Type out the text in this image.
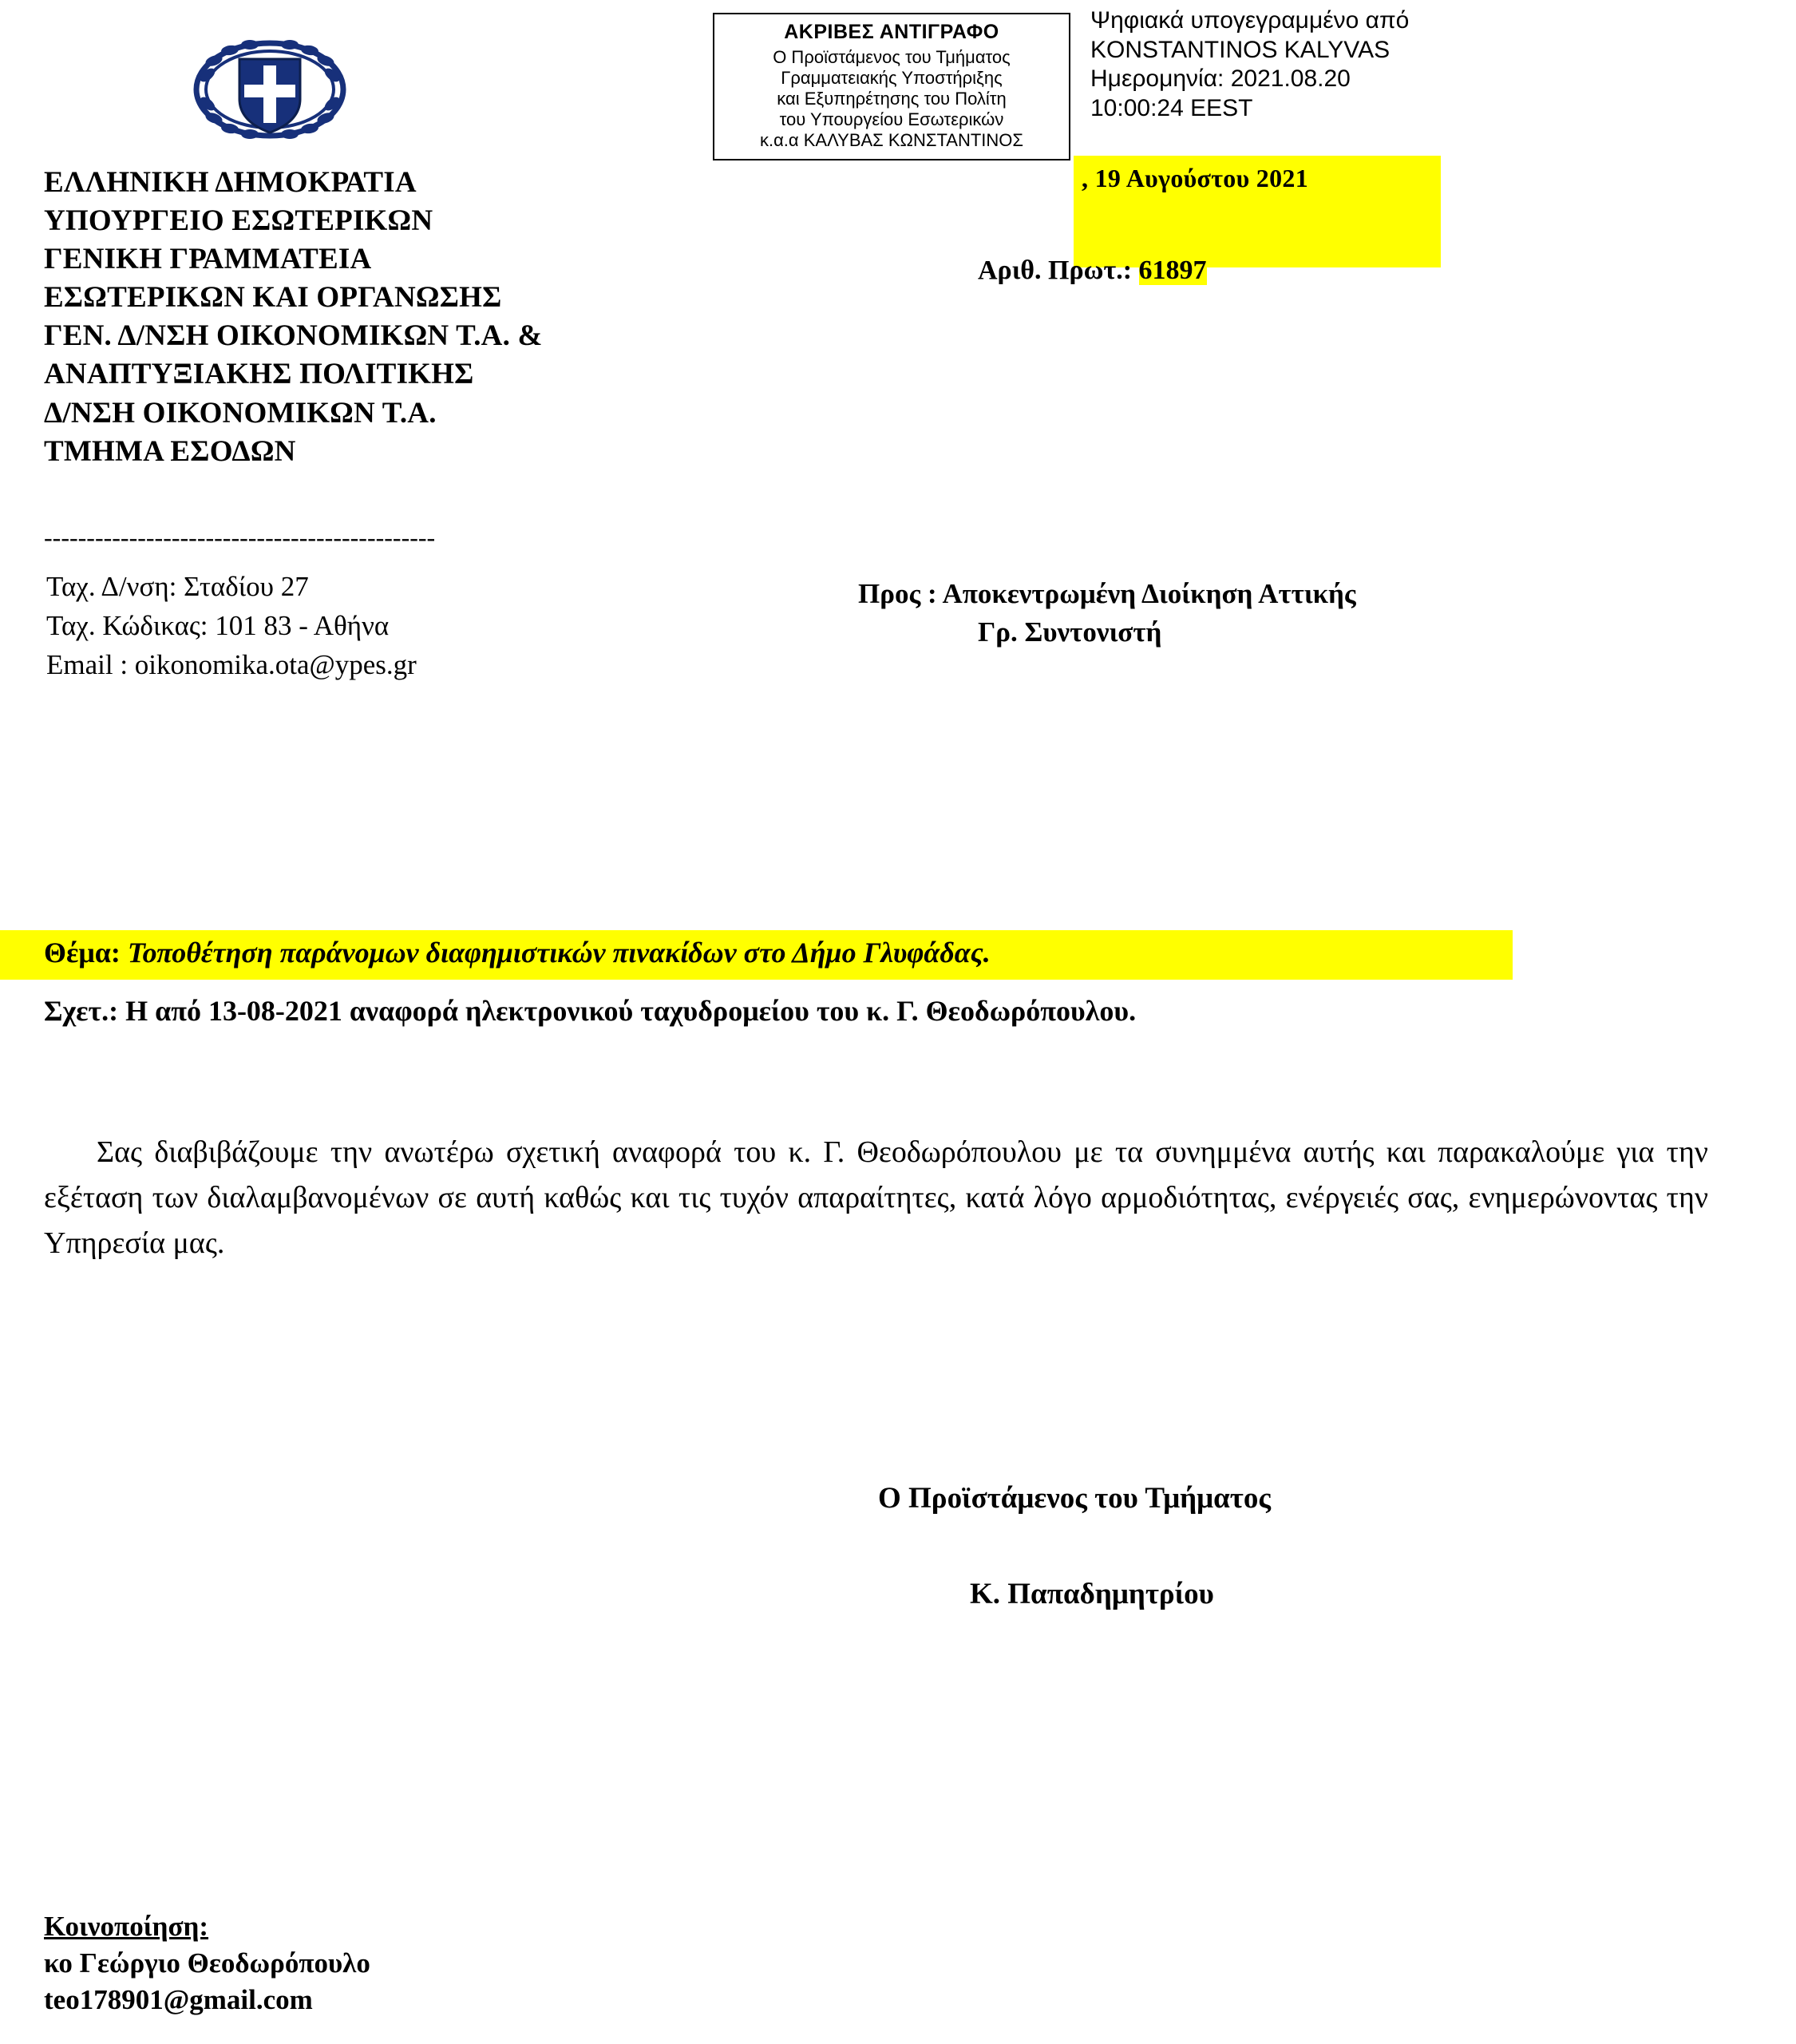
ΑΚΡΙΒΕΣ ΑΝΤΙΓΡΑΦΟ
Ο Προϊστάμενος του Τμήματος
Γραμματειακής Υποστήριξης
και Εξυπηρέτησης του Πολίτη
του Υπουργείου Εσωτερικών
κ.α.α ΚΑΛΥΒΑΣ ΚΩΝΣΤΑΝΤΙΝΟΣ
Ψηφιακά υπογεγραμμένο από
KONSTANTINOS KALYVAS
Ημερομηνία: 2021.08.20
10:00:24 EEST
, 19 Αυγούστου 2021
Αριθ. Πρωτ.: 61897
ΕΛΛΗΝΙΚΗ ΔΗΜΟΚΡΑΤΙΑ
ΥΠΟΥΡΓΕΙΟ ΕΣΩΤΕΡΙΚΩΝ
ΓΕΝΙΚΗ ΓΡΑΜΜΑΤΕΙΑ
ΕΣΩΤΕΡΙΚΩΝ ΚΑΙ ΟΡΓΑΝΩΣΗΣ
ΓΕΝ. Δ/ΝΣΗ ΟΙΚΟΝΟΜΙΚΩΝ Τ.Α. &
ΑΝΑΠΤΥΞΙΑΚΗΣ ΠΟΛΙΤΙΚΗΣ
Δ/ΝΣΗ ΟΙΚΟΝΟΜΙΚΩΝ Τ.Α.
ΤΜΗΜΑ ΕΣΟΔΩΝ
----------------------------------------------
Ταχ. Δ/νση: Σταδίου 27
Ταχ. Κώδικας: 101 83 - Αθήνα
Email : oikonomika.ota@ypes.gr
Προς : Αποκεντρωμένη Διοίκηση Αττικής
Γρ. Συντονιστή
Θέμα: Τοποθέτηση παράνομων διαφημιστικών πινακίδων στο Δήμο Γλυφάδας.
Σχετ.: Η από 13-08-2021 αναφορά ηλεκτρονικού ταχυδρομείου του κ. Γ. Θεοδωρόπουλου.
Σας διαβιβάζουμε την ανωτέρω σχετική αναφορά του κ. Γ. Θεοδωρόπουλου με τα συνημμένα αυτής και παρακαλούμε για την εξέταση των διαλαμβανομένων σε αυτή καθώς και τις τυχόν απαραίτητες, κατά λόγο αρμοδιότητας, ενέργειές σας, ενημερώνοντας την Υπηρεσία μας.
Ο Προϊστάμενος του Τμήματος
Κ. Παπαδημητρίου
Κοινοποίηση:
κο Γεώργιο Θεοδωρόπουλο
teo178901@gmail.com
